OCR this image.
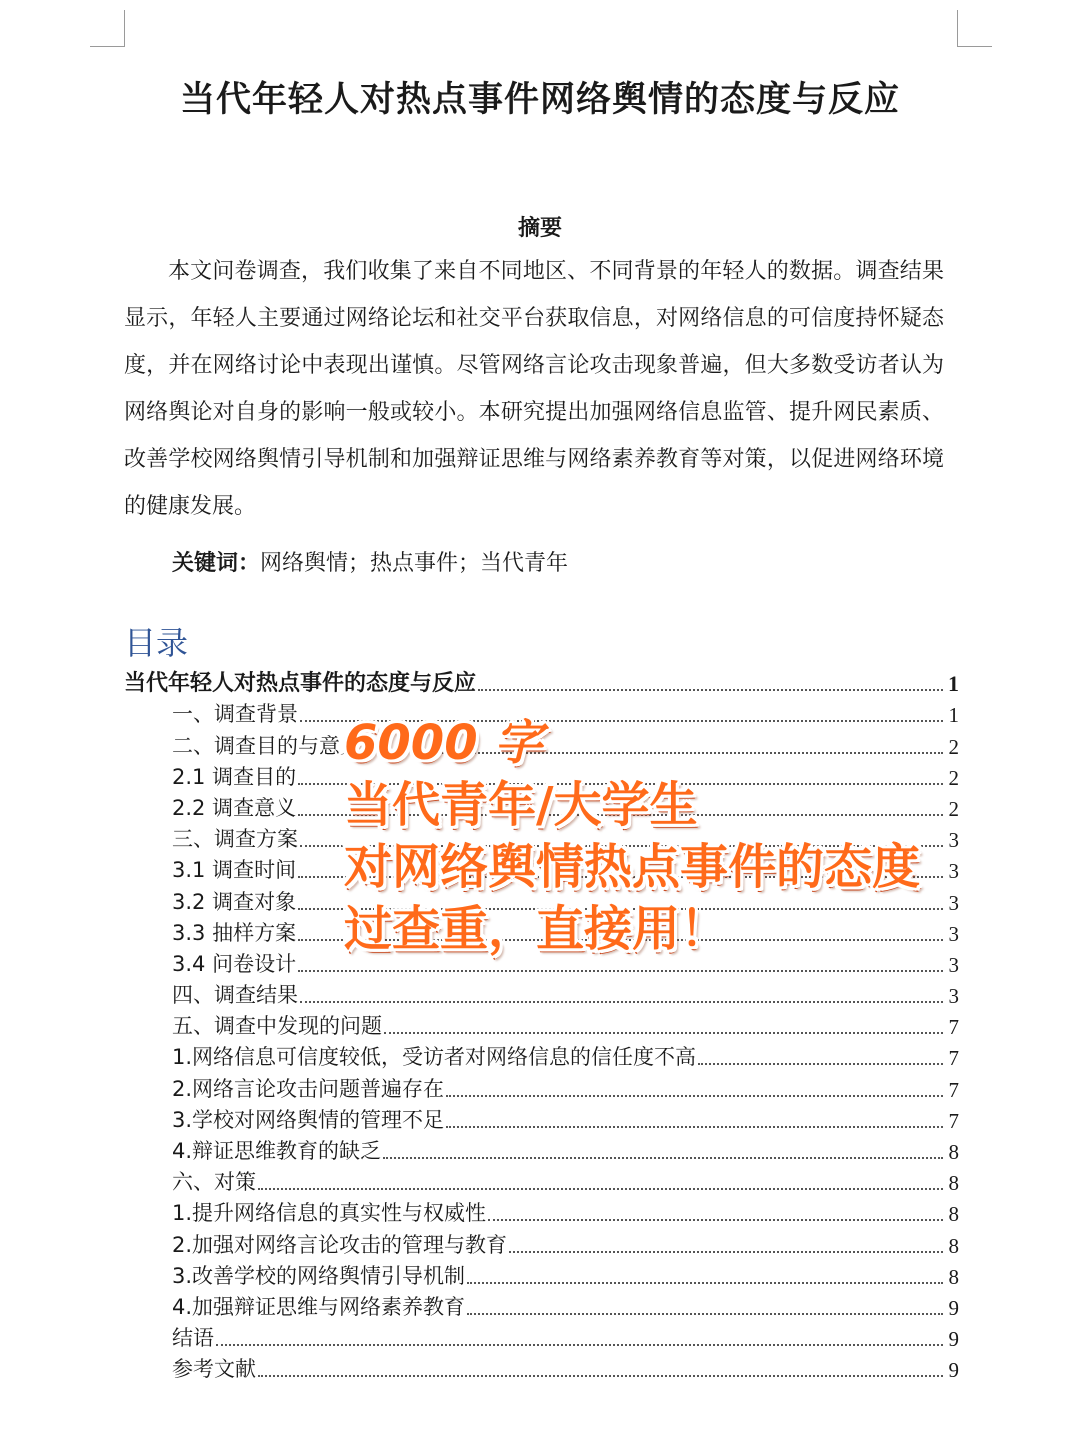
当代年轻人对热点事件网络舆情的态度与反应
摘要
本文问卷调查，我们收集了来自不同地区、不同背景的年轻人的数据。调查结果显示，年轻人主要通过网络论坛和社交平台获取信息，对网络信息的可信度持怀疑态度，并在网络讨论中表现出谨慎。尽管网络言论攻击现象普遍，但大多数受访者认为网络舆论对自身的影响一般或较小。本研究提出加强网络信息监管、提升网民素质、改善学校网络舆情引导机制和加强辩证思维与网络素养教育等对策，以促进网络环境的健康发展。
关键词：网络舆情；热点事件；当代青年
目录
当代年轻人对热点事件的态度与反应	1
一、调查背景	1
二、调查目的与意义	2
2.1 调查目的	2
2.2 调查意义	2
三、调查方案	3
3.1 调查时间	3
3.2 调查对象	3
3.3 抽样方案	3
3.4 问卷设计	3
四、调查结果	3
五、调查中发现的问题	7
1.网络信息可信度较低，受访者对网络信息的信任度不高	7
2.网络言论攻击问题普遍存在	7
3.学校对网络舆情的管理不足	7
4.辩证思维教育的缺乏	8
六、对策	8
1.提升网络信息的真实性与权威性	8
2.加强对网络言论攻击的管理与教育	8
3.改善学校的网络舆情引导机制	8
4.加强辩证思维与网络素养教育	9
结语	9
参考文献	9
6000 字
当代青年/大学生
对网络舆情热点事件的态度
过查重，直接用！
